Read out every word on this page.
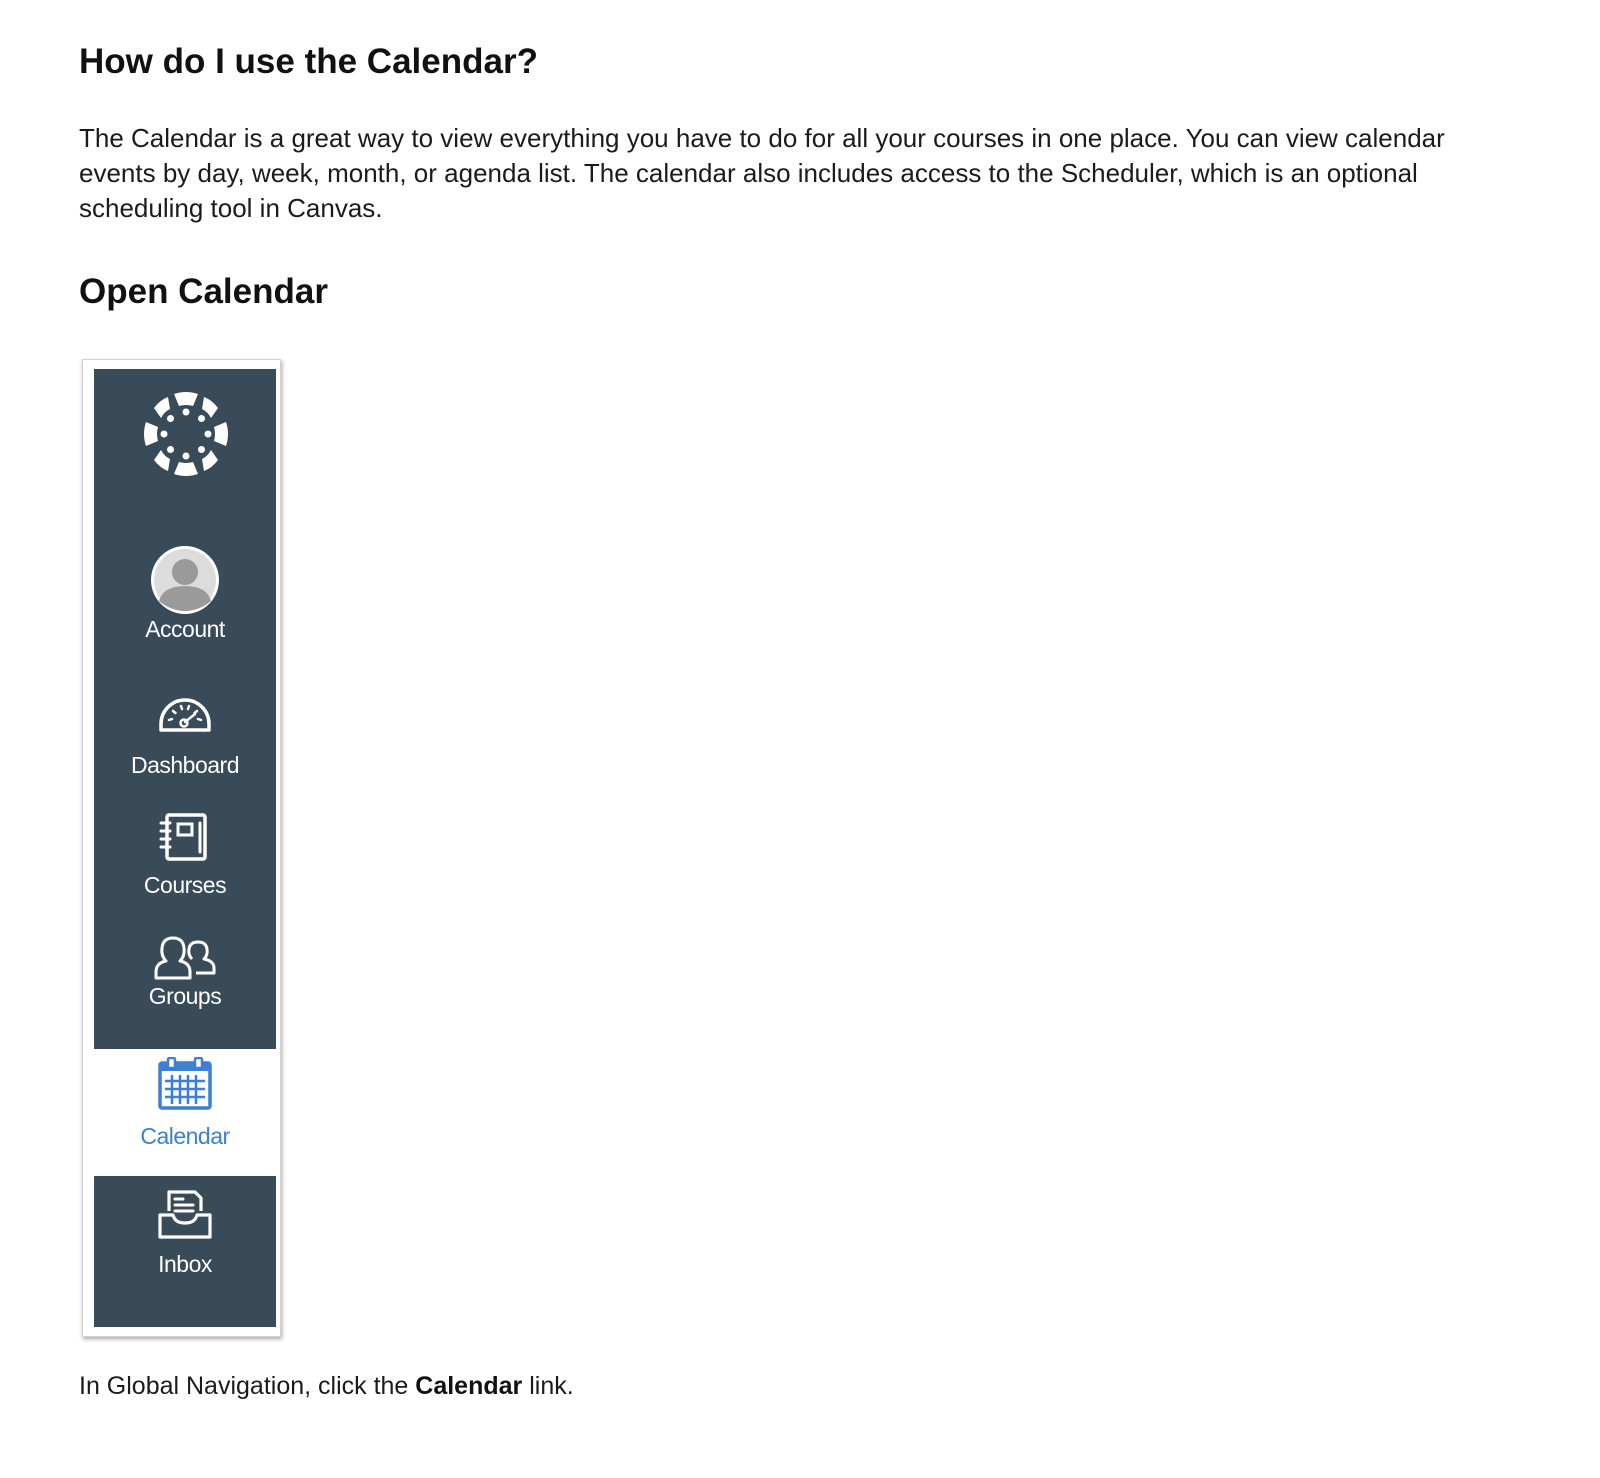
How do I use the Calendar?

The Calendar is a great way to view everything you have to do for all your courses in one place. You can view calendar events by day, week, month, or agenda list. The calendar also includes access to the Scheduler, which is an optional scheduling tool in Canvas.

Open Calendar
Account
Dashboard
Courses
Groups
Calendar
Inbox

In Global Navigation, click the Calendar link.
